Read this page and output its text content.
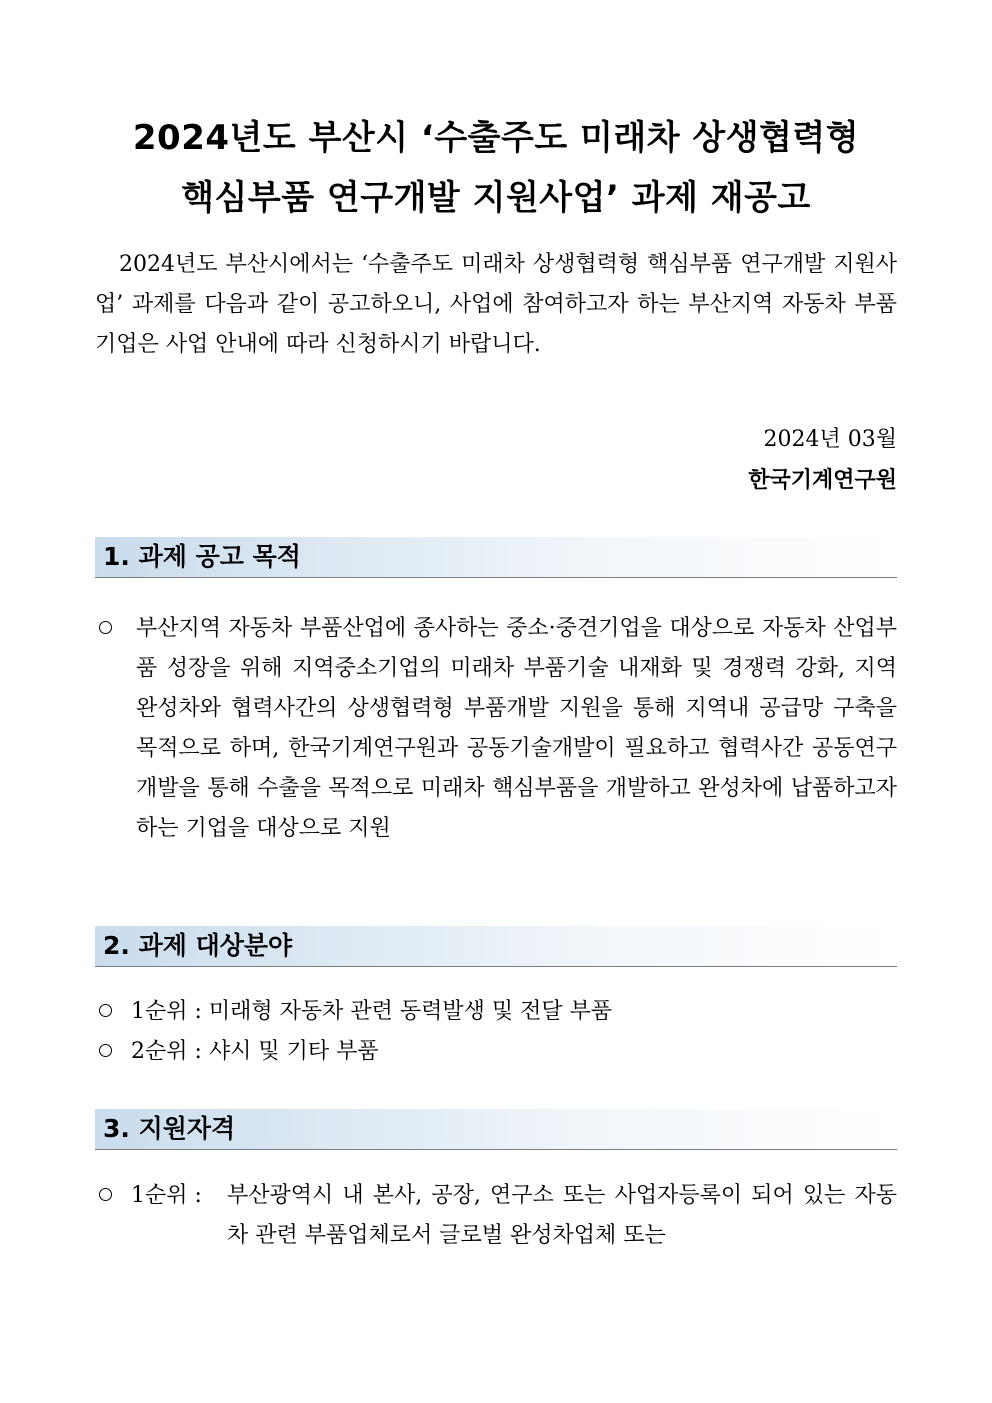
2024년도 부산시 ‘수출주도 미래차 상생협력형
핵심부품 연구개발 지원사업’ 과제 재공고
2024년도 부산시에서는 ‘수출주도 미래차 상생협력형 핵심부품 연구개발 지원사업’ 과제를 다음과 같이 공고하오니, 사업에 참여하고자 하는 부산지역 자동차 부품기업은 사업 안내에 따라 신청하시기 바랍니다.
2024년 03월
한국기계연구원
1. 과제 공고 목적
부산지역 자동차 부품산업에 종사하는 중소·중견기업을 대상으로 자동차 산업부품 성장을 위해 지역중소기업의 미래차 부품기술 내재화 및 경쟁력 강화, 지역 완성차와 협력사간의 상생협력형 부품개발 지원을 통해 지역내 공급망 구축을 목적으로 하며, 한국기계연구원과 공동기술개발이 필요하고 협력사간 공동연구개발을 통해 수출을 목적으로 미래차 핵심부품을 개발하고 완성차에 납품하고자 하는 기업을 대상으로 지원
2. 과제 대상분야
1순위 : 미래형 자동차 관련 동력발생 및 전달 부품
2순위 : 샤시 및 기타 부품
3. 지원자격
1순위 : 부산광역시 내 본사, 공장, 연구소 또는 사업자등록이 되어 있는 자동차 관련 부품업체로서 글로벌 완성차업체 또는
